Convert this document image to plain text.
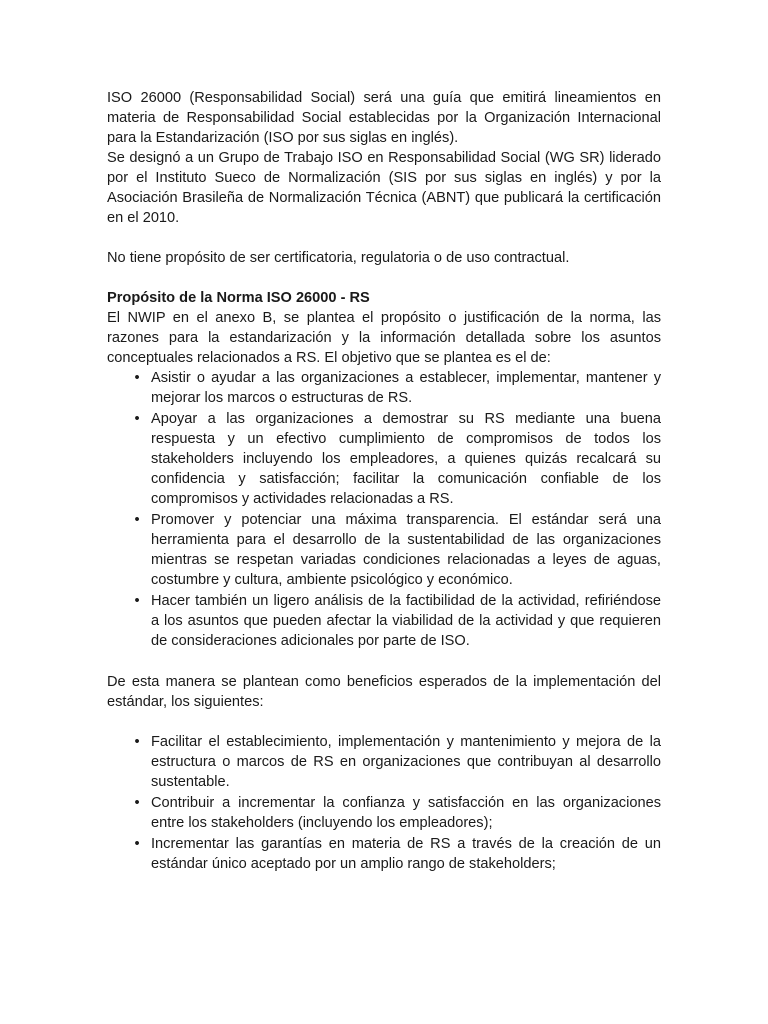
ISO 26000 (Responsabilidad Social) será una guía que emitirá lineamientos en materia de Responsabilidad Social establecidas por la Organización Internacional para la Estandarización (ISO por sus siglas en inglés).

Se designó a un Grupo de Trabajo ISO en Responsabilidad Social (WG SR) liderado por el Instituto Sueco de Normalización (SIS por sus siglas en inglés) y por la Asociación Brasileña de Normalización Técnica (ABNT) que publicará la certificación en el 2010.

No tiene propósito de ser certificatoria, regulatoria o de uso contractual.

Propósito de la Norma ISO 26000 - RS

El NWIP en el anexo B, se plantea el propósito o justificación de la norma, las razones para la estandarización y la información detallada sobre los asuntos conceptuales relacionados a RS. El objetivo que se plantea es el de:

• Asistir o ayudar a las organizaciones a establecer, implementar, mantener y mejorar los marcos o estructuras de RS.
• Apoyar a las organizaciones a demostrar su RS mediante una buena respuesta y un efectivo cumplimiento de compromisos de todos los stakeholders incluyendo los empleadores, a quienes quizás recalcará su confidencia y satisfacción; facilitar la comunicación confiable de los compromisos y actividades relacionadas a RS.
• Promover y potenciar una máxima transparencia. El estándar será una herramienta para el desarrollo de la sustentabilidad de las organizaciones mientras se respetan variadas condiciones relacionadas a leyes de aguas, costumbre y cultura, ambiente psicológico y económico.
• Hacer también un ligero análisis de la factibilidad de la actividad, refiriéndose a los asuntos que pueden afectar la viabilidad de la actividad y que requieren de consideraciones adicionales por parte de ISO.

De esta manera se plantean como beneficios esperados de la implementación del estándar, los siguientes:

• Facilitar el establecimiento, implementación y mantenimiento y mejora de la estructura o marcos de RS en organizaciones que contribuyan al desarrollo sustentable.
• Contribuir a incrementar la confianza y satisfacción en las organizaciones entre los stakeholders (incluyendo los empleadores);
• Incrementar las garantías en materia de RS a través de la creación de un estándar único aceptado por un amplio rango de stakeholders;
